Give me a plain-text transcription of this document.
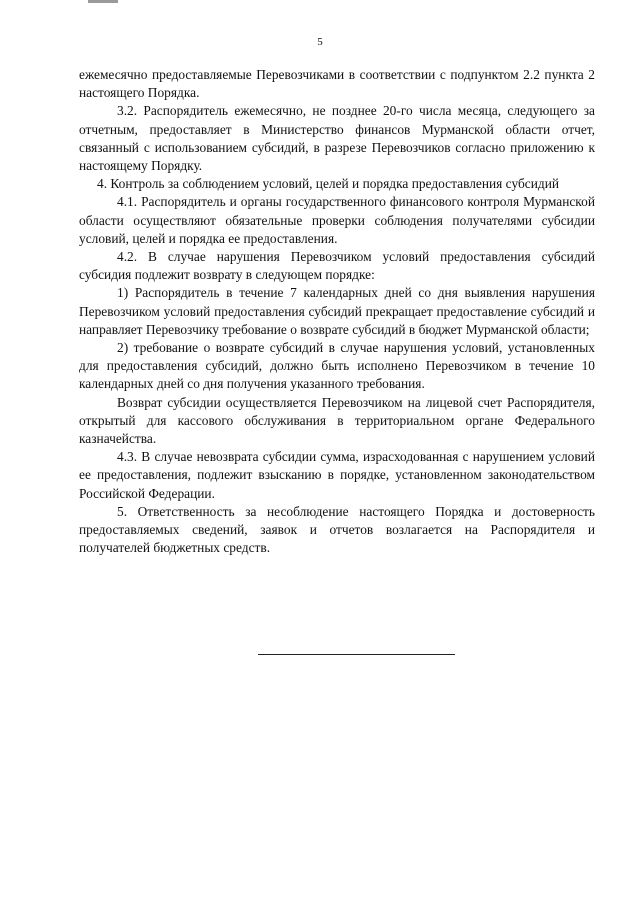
5

ежемесячно предоставляемые Перевозчиками в соответствии с подпунктом 2.2 пункта 2 настоящего Порядка.

3.2. Распорядитель ежемесячно, не позднее 20-го числа месяца, следующего за отчетным, предоставляет в Министерство финансов Мурманской области отчет, связанный с использованием субсидий, в разрезе Перевозчиков согласно приложению к настоящему Порядку.

4. Контроль за соблюдением условий, целей и порядка предоставления субсидий

4.1. Распорядитель и органы государственного финансового контроля Мурманской области осуществляют обязательные проверки соблюдения получателями субсидии условий, целей и порядка ее предоставления.

4.2. В случае нарушения Перевозчиком условий предоставления субсидий субсидия подлежит возврату в следующем порядке:

1) Распорядитель в течение 7 календарных дней со дня выявления нарушения Перевозчиком условий предоставления субсидий прекращает предоставление субсидий и направляет Перевозчику требование о возврате субсидий в бюджет Мурманской области;

2) требование о возврате субсидий в случае нарушения условий, установленных для предоставления субсидий, должно быть исполнено Перевозчиком в течение 10 календарных дней со дня получения указанного требования.

Возврат субсидии осуществляется Перевозчиком на лицевой счет Распорядителя, открытый для кассового обслуживания в территориальном органе Федерального казначейства.

4.3. В случае невозврата субсидии сумма, израсходованная с нарушением условий ее предоставления, подлежит взысканию в порядке, установленном законодательством Российской Федерации.

5. Ответственность за несоблюдение настоящего Порядка и достоверность предоставляемых сведений, заявок и отчетов возлагается на Распорядителя и получателей бюджетных средств.
